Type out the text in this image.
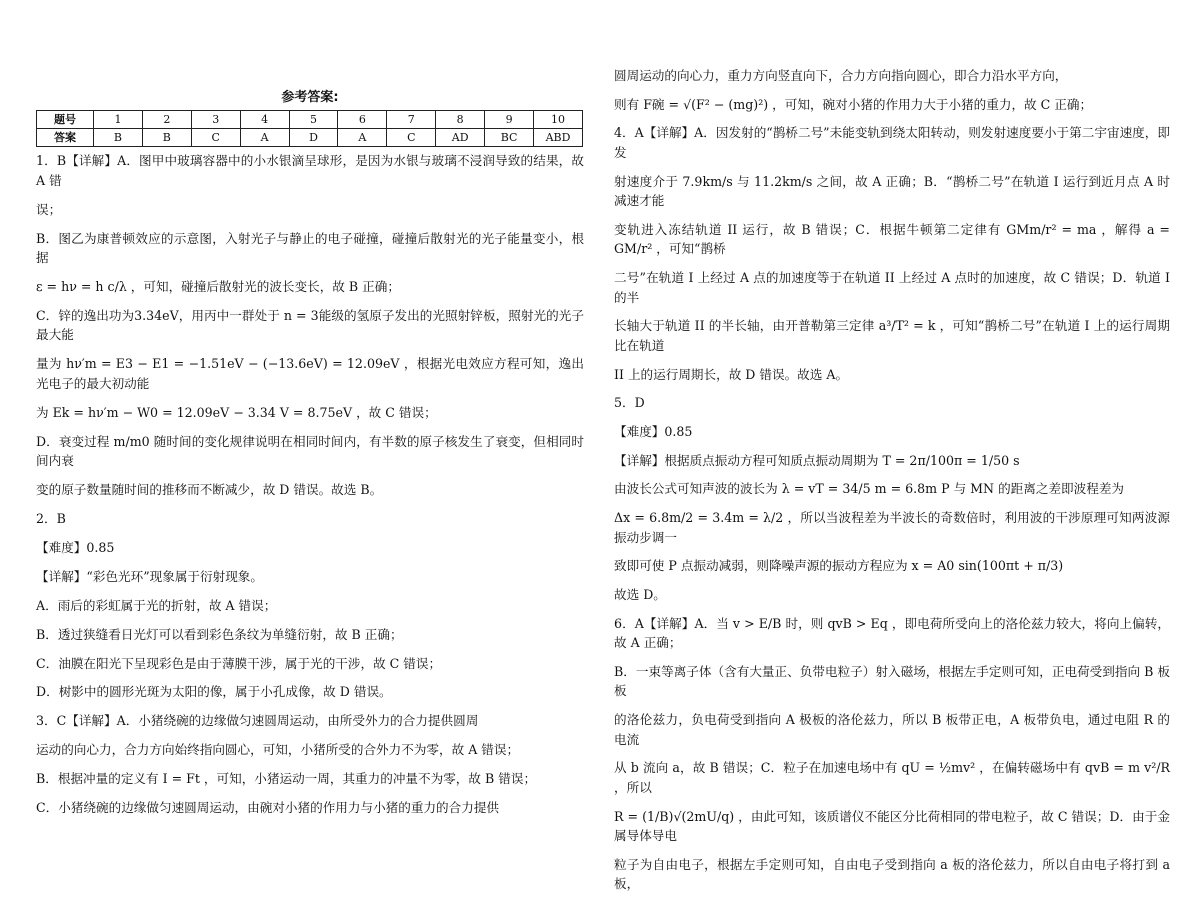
参考答案:
题号	1	2	3	4	5	6	7	8	9	10
答案	B	B	C	A	D	A	C	AD	BC	ABD

1．B【详解】A．图甲中玻璃容器中的小水银滴呈球形，是因为水银与玻璃不浸润导致的结果，故 A 错

误；

B．图乙为康普顿效应的示意图，入射光子与静止的电子碰撞，碰撞后散射光的光子能量变小，根据

ε = hν = h c/λ ，可知，碰撞后散射光的波长变长，故 B 正确；

C．锌的逸出功为3.34eV，用丙中一群处于 n = 3能级的氢原子发出的光照射锌板，照射光的光子最大能

量为 hν′m = E3 − E1 = −1.51eV − (−13.6eV) = 12.09eV ，根据光电效应方程可知，逸出光电子的最大初动能

为 Ek = hν′m − W0 = 12.09eV − 3.34 V = 8.75eV ，故 C 错误；

D．衰变过程 m/m0 随时间的变化规律说明在相同时间内，有半数的原子核发生了衰变，但相同时间内衰

变的原子数量随时间的推移而不断减少，故 D 错误。故选 B。

2．B

【难度】0.85

【详解】“彩色光环”现象属于衍射现象。

A．雨后的彩虹属于光的折射，故 A 错误；

B．透过狭缝看日光灯可以看到彩色条纹为单缝衍射，故 B 正确；

C．油膜在阳光下呈现彩色是由于薄膜干涉，属于光的干涉，故 C 错误；

D．树影中的圆形光斑为太阳的像，属于小孔成像，故 D 错误。

3．C【详解】A．小猪绕碗的边缘做匀速圆周运动，由所受外力的合力提供圆周

运动的向心力，合力方向始终指向圆心，可知，小猪所受的合外力不为零，故 A 错误；

B．根据冲量的定义有 I = Ft ，可知，小猪运动一周，其重力的冲量不为零，故 B 错误；

C．小猪绕碗的边缘做匀速圆周运动，由碗对小猪的作用力与小猪的重力的合力提供

圆周运动的向心力，重力方向竖直向下，合力方向指向圆心，即合力沿水平方向，

则有 F碗 = √(F² − (mg)²) ，可知，碗对小猪的作用力大于小猪的重力，故 C 正确；

4．A【详解】A．因发射的“鹊桥二号”未能变轨到绕太阳转动，则发射速度要小于第二宇宙速度，即发

射速度介于 7.9km/s 与 11.2km/s 之间，故 A 正确；B．“鹊桥二号”在轨道 I 运行到近月点 A 时减速才能

变轨进入冻结轨道 II 运行，故 B 错误；C．根据牛顿第二定律有 GMm/r² = ma ，解得 a = GM/r² ，可知“鹊桥

二号”在轨道 I 上经过 A 点的加速度等于在轨道 II 上经过 A 点时的加速度，故 C 错误；D．轨道 I 的半

长轴大于轨道 II 的半长轴，由开普勒第三定律 a³/T² = k ，可知“鹊桥二号”在轨道 I 上的运行周期比在轨道

II 上的运行周期长，故 D 错误。故选 A。

5．D

【难度】0.85

【详解】根据质点振动方程可知质点振动周期为 T = 2π/100π = 1/50 s

由波长公式可知声波的波长为 λ = vT = 34/5 m = 6.8m P 与 MN 的距离之差即波程差为

Δx = 6.8m/2 = 3.4m = λ/2 ，所以当波程差为半波长的奇数倍时，利用波的干涉原理可知两波源振动步调一

致即可使 P 点振动减弱，则降噪声源的振动方程应为 x = A0 sin(100πt + π/3)

故选 D。

6．A【详解】A．当 v > E/B 时，则 qvB > Eq ，即电荷所受向上的洛伦兹力较大，将向上偏转，故 A 正确；

B．一束等离子体（含有大量正、负带电粒子）射入磁场，根据左手定则可知，正电荷受到指向 B 板板

的洛伦兹力，负电荷受到指向 A 极板的洛伦兹力，所以 B 板带正电，A 板带负电，通过电阻 R 的电流

从 b 流向 a，故 B 错误；C．粒子在加速电场中有 qU = ½mv² ，在偏转磁场中有 qvB = m v²/R ，所以

R = (1/B)√(2mU/q) ，由此可知，该质谱仪不能区分比荷相同的带电粒子，故 C 错误；D．由于金属导体导电

粒子为自由电子，根据左手定则可知，自由电子受到指向 a 板的洛伦兹力，所以自由电子将打到 a 板，
